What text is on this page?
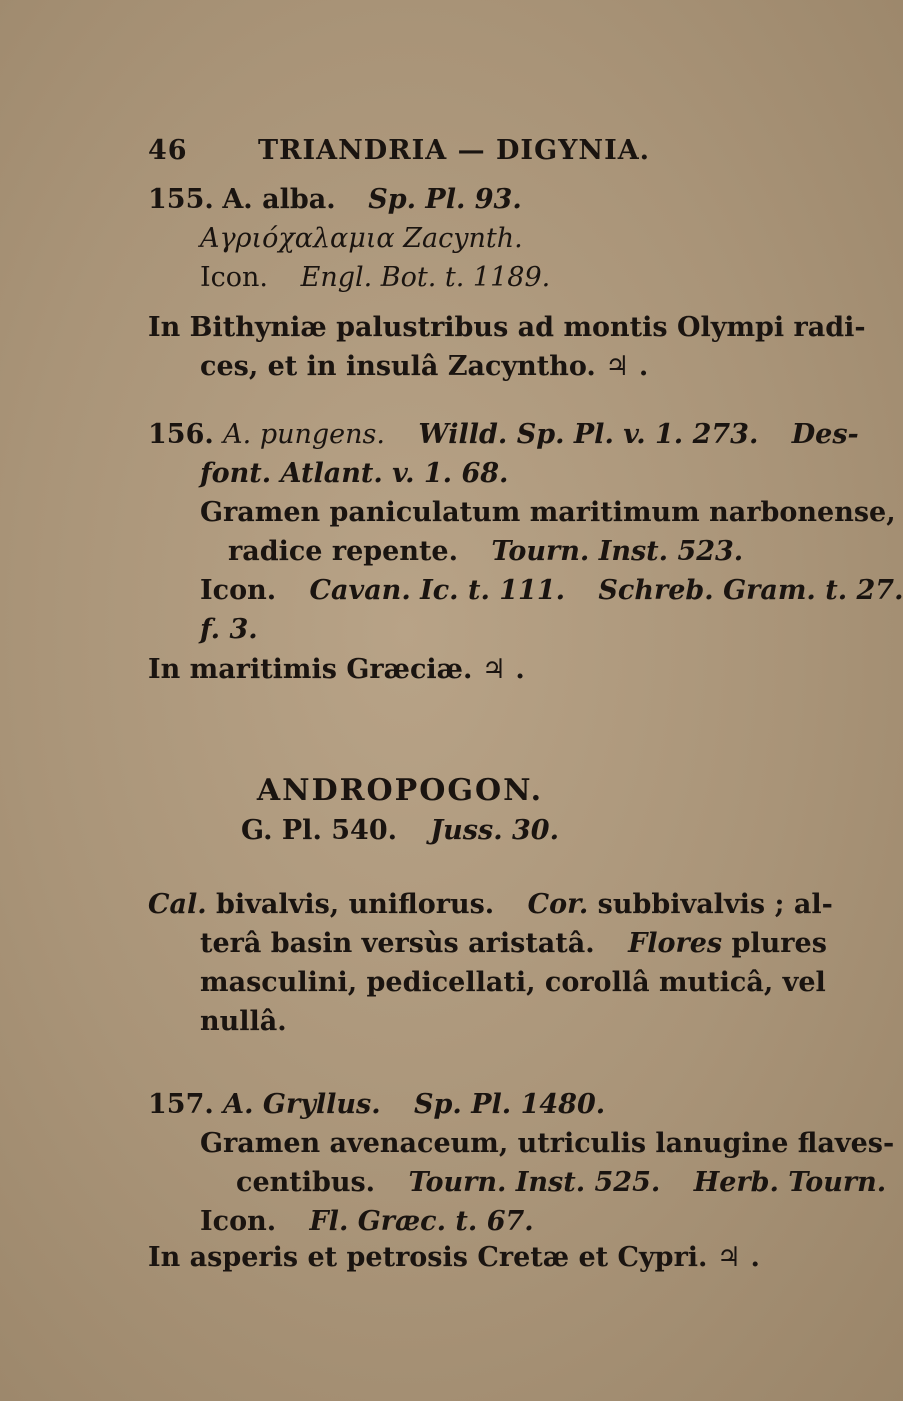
46	TRIANDRIA — DIGYNIA.
155. A. alba. Sp. Pl. 93.
Αγριόχαλαμια Zacynth.
Icon. Engl. Bot. t. 1189.
In Bithyniæ palustribus ad montis Olympi radi-
ces, et in insulâ Zacyntho. ♃ .
156. A. pungens. Willd. Sp. Pl. v. 1. 273. Des-
font. Atlant. v. 1. 68.
Gramen paniculatum maritimum narbonense,
radice repente. Tourn. Inst. 523.
Icon. Cavan. Ic. t. 111. Schreb. Gram. t. 27.
f. 3.
In maritimis Græciæ. ♃ .
ANDROPOGON.
G. Pl. 540. Juss. 30.
Cal. bivalvis, uniflorus. Cor. subbivalvis ; al-
terâ basin versùs aristatâ. Flores plures
masculini, pedicellati, corollâ muticâ, vel
nullâ.
157. A. Gryllus. Sp. Pl. 1480.
Gramen avenaceum, utriculis lanugine flaves-
centibus. Tourn. Inst. 525. Herb. Tourn.
Icon. Fl. Græc. t. 67.
In asperis et petrosis Cretæ et Cypri. ♃ .
